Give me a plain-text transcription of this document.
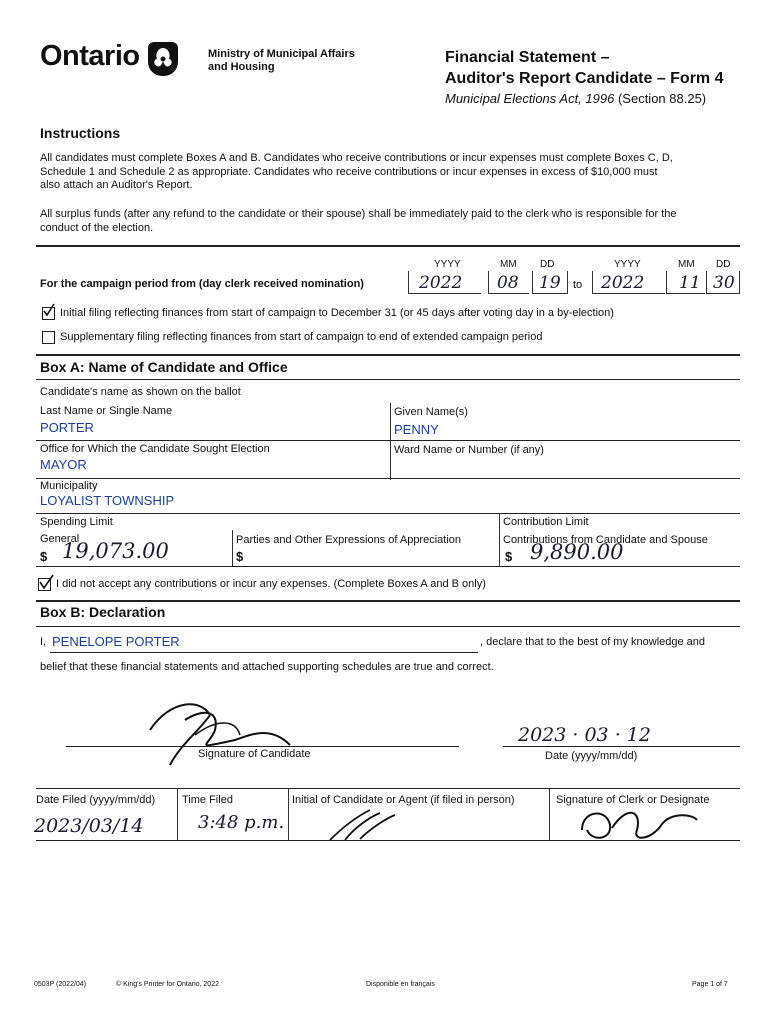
Ontario	Ministry of Municipal Affairs and Housing
Financial Statement –
Auditor's Report Candidate – Form 4
Municipal Elections Act, 1996 (Section 88.25)
Instructions
All candidates must complete Boxes A and B. Candidates who receive contributions or incur expenses must complete Boxes C, D, Schedule 1 and Schedule 2 as appropriate. Candidates who receive contributions or incur expenses in excess of $10,000 must also attach an Auditor's Report.
All surplus funds (after any refund to the candidate or their spouse) shall be immediately paid to the clerk who is responsible for the conduct of the election.
YYYY	MM DD	YYYY	MM DD
For the campaign period from (day clerk received nomination)	2022 08 19 to 2022 11 30
Initial filing reflecting finances from start of campaign to December 31 (or 45 days after voting day in a by-election)
Supplementary filing reflecting finances from start of campaign to end of extended campaign period
Box A: Name of Candidate and Office
Candidate's name as shown on the ballot
Last Name or Single Name
PORTER
Given Name(s)
PENNY
Office for Which the Candidate Sought Election
MAYOR
Ward Name or Number (if any)
Municipality
LOYALIST TOWNSHIP
Spending Limit
General
$ 19,073.00	Parties and Other Expressions of Appreciation
$
Contribution Limit
Contributions from Candidate and Spouse
$ 9,890.00
I did not accept any contributions or incur any expenses. (Complete Boxes A and B only)
Box B: Declaration
I, PENELOPE PORTER	, declare that to the best of my knowledge and
belief that these financial statements and attached supporting schedules are true and correct.
Signature of Candidate
2023 · 03 · 12
Date (yyyy/mm/dd)
Date Filed (yyyy/mm/dd)
2023/03/14
Time Filed
3:48 p.m.
Initial of Candidate or Agent (if filed in person)	Signature of Clerk or Designate
0503P (2022/04)	© King's Printer for Ontario, 2022	Disponible en français	Page 1 of 7
